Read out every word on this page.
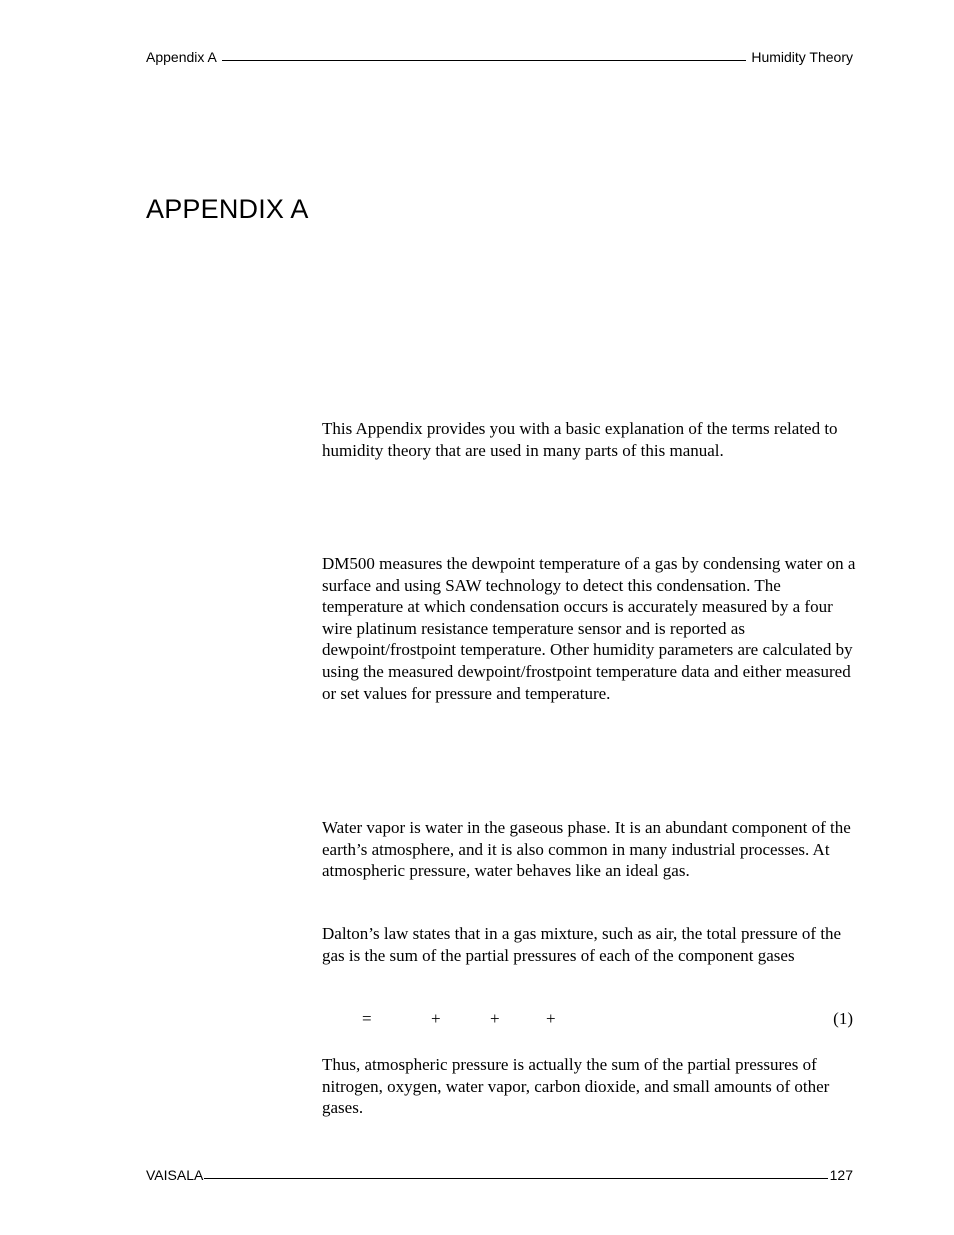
Appendix A	Humidity Theory
APPENDIX A

This Appendix provides you with a basic explanation of the terms related to humidity theory that are used in many parts of this manual.

DM500 measures the dewpoint temperature of a gas by condensing water on a surface and using SAW technology to detect this condensation. The temperature at which condensation occurs is accurately measured by a four wire platinum resistance temperature sensor and is reported as dewpoint/frostpoint temperature. Other humidity parameters are calculated by using the measured dewpoint/frostpoint temperature data and either measured or set values for pressure and temperature.

Water vapor is water in the gaseous phase. It is an abundant component of the earth’s atmosphere, and it is also common in many industrial processes. At atmospheric pressure, water behaves like an ideal gas.

Dalton’s law states that in a gas mixture, such as air, the total pressure of the gas is the sum of the partial pressures of each of the component gases

=	+	+	+	(1)

Thus, atmospheric pressure is actually the sum of the partial pressures of nitrogen, oxygen, water vapor, carbon dioxide, and small amounts of other gases.

VAISALA	127
